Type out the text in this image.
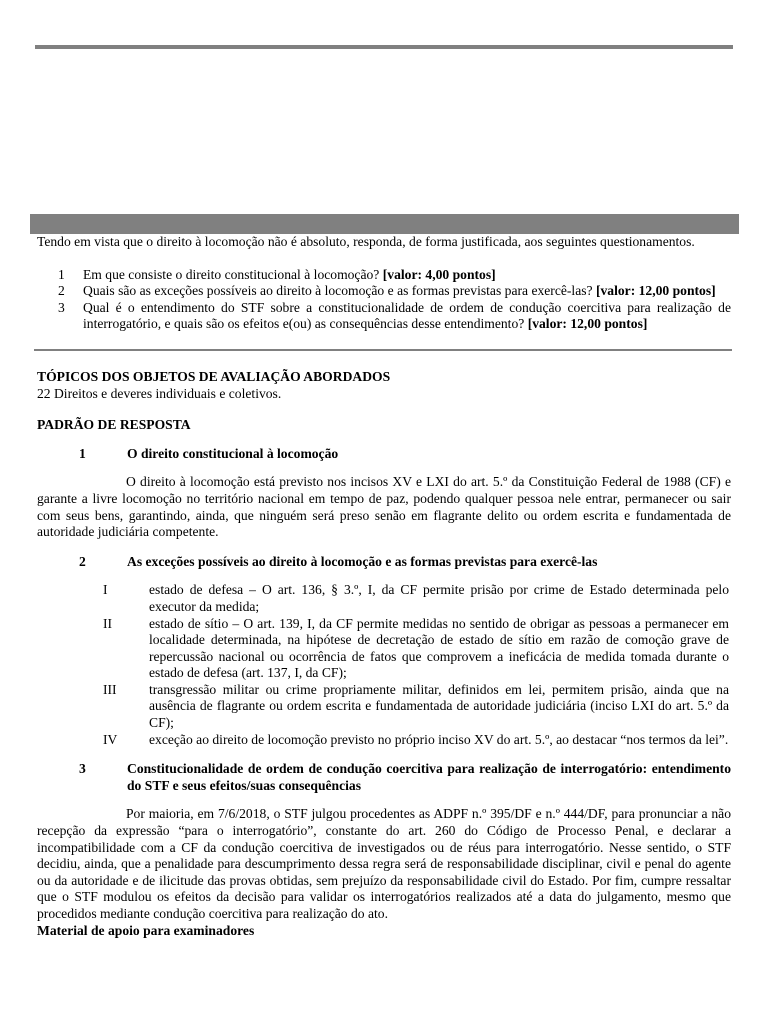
Tendo em vista que o direito à locomoção não é absoluto, responda, de forma justificada, aos seguintes questionamentos.

1	Em que consiste o direito constitucional à locomoção? [valor: 4,00 pontos]
2	Quais são as exceções possíveis ao direito à locomoção e as formas previstas para exercê-las? [valor: 12,00 pontos]
3	Qual é o entendimento do STF sobre a constitucionalidade de ordem de condução coercitiva para realização de interrogatório, e quais são os efeitos e(ou) as consequências desse entendimento? [valor: 12,00 pontos]
TÓPICOS DOS OBJETOS DE AVALIAÇÃO ABORDADOS
22 Direitos e deveres individuais e coletivos.
PADRÃO DE RESPOSTA
1	O direito constitucional à locomoção

O direito à locomoção está previsto nos incisos XV e LXI do art. 5.º da Constituição Federal de 1988 (CF) e garante a livre locomoção no território nacional em tempo de paz, podendo qualquer pessoa nele entrar, permanecer ou sair com seus bens, garantindo, ainda, que ninguém será preso senão em flagrante delito ou ordem escrita e fundamentada de autoridade judiciária competente.

2	As exceções possíveis ao direito à locomoção e as formas previstas para exercê-las
I	estado de defesa – O art. 136, § 3.º, I, da CF permite prisão por crime de Estado determinada pelo executor da medida;
II	estado de sítio – O art. 139, I, da CF permite medidas no sentido de obrigar as pessoas a permanecer em localidade determinada, na hipótese de decretação de estado de sítio em razão de comoção grave de repercussão nacional ou ocorrência de fatos que comprovem a ineficácia de medida tomada durante o estado de defesa (art. 137, I, da CF);
III	transgressão militar ou crime propriamente militar, definidos em lei, permitem prisão, ainda que na ausência de flagrante ou ordem escrita e fundamentada de autoridade judiciária (inciso LXI do art. 5.º da CF);
IV	exceção ao direito de locomoção previsto no próprio inciso XV do art. 5.º, ao destacar “nos termos da lei”.
3	Constitucionalidade de ordem de condução coercitiva para realização de interrogatório: entendimento do STF e seus efeitos/suas consequências

Por maioria, em 7/6/2018, o STF julgou procedentes as ADPF n.º 395/DF e n.º 444/DF, para pronunciar a não recepção da expressão “para o interrogatório”, constante do art. 260 do Código de Processo Penal, e declarar a incompatibilidade com a CF da condução coercitiva de investigados ou de réus para interrogatório. Nesse sentido, o STF decidiu, ainda, que a penalidade para descumprimento dessa regra será de responsabilidade disciplinar, civil e penal do agente ou da autoridade e de ilicitude das provas obtidas, sem prejuízo da responsabilidade civil do Estado. Por fim, cumpre ressaltar que o STF modulou os efeitos da decisão para validar os interrogatórios realizados até a data do julgamento, mesmo que procedidos mediante condução coercitiva para realização do ato.

Material de apoio para examinadores
